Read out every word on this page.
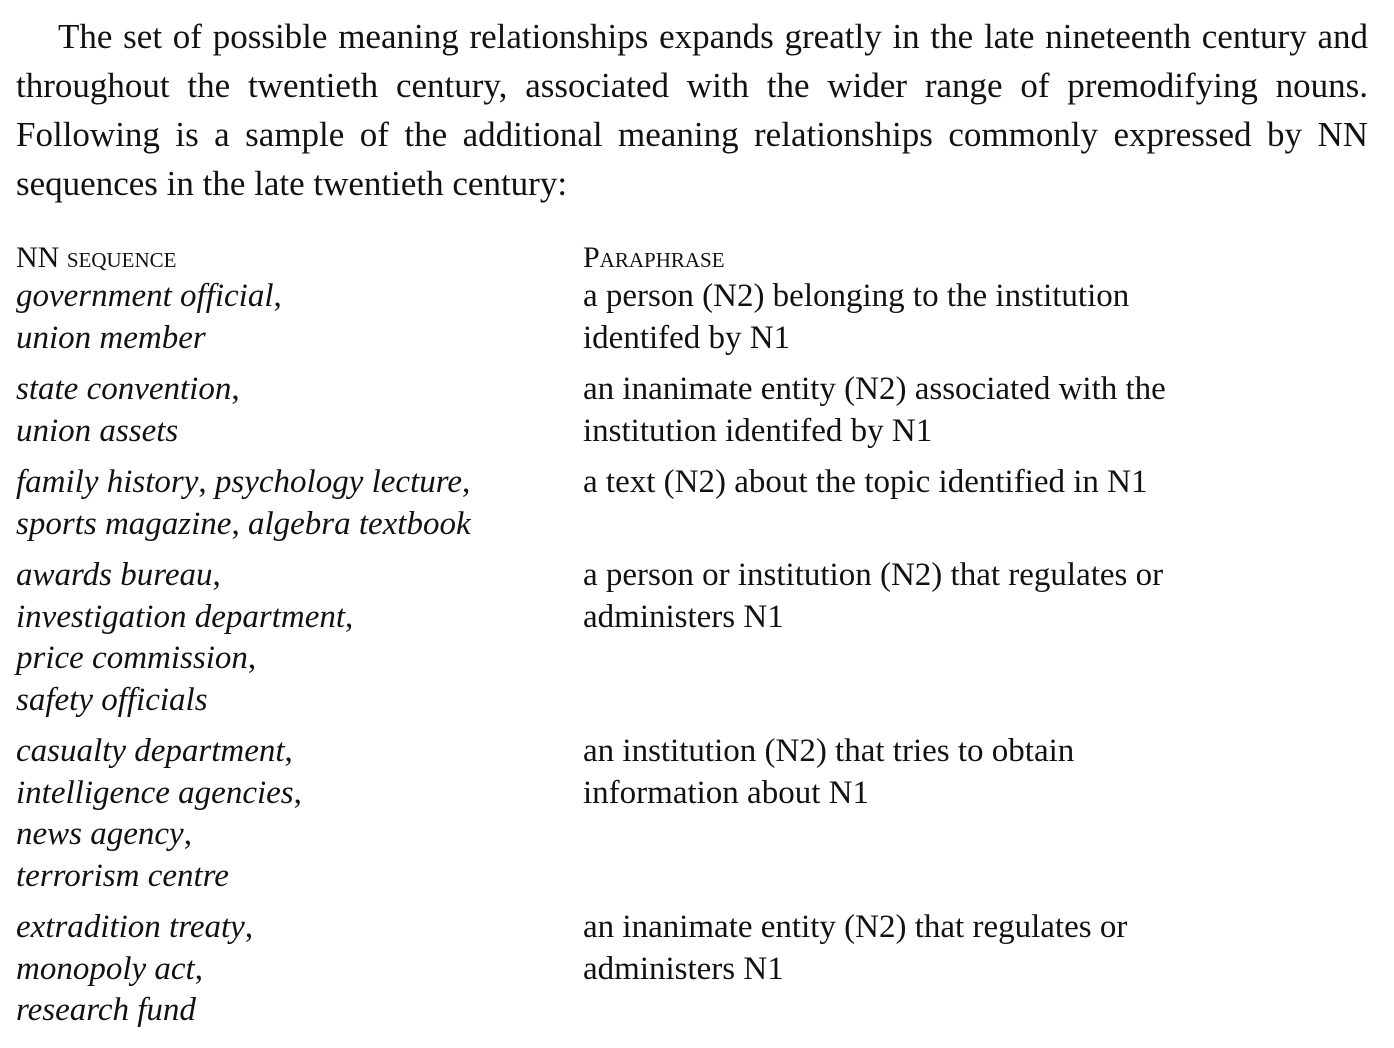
The set of possible meaning relationships expands greatly in the late nineteenth century and throughout the twentieth century, associated with the wider range of premodifying nouns. Following is a sample of the additional meaning relationships commonly expressed by NN sequences in the late twentieth century:

NN sequence	Paraphrase
government official,
union member
a person (N2) belonging to the institution
identifed by N1
state convention,
union assets
an inanimate entity (N2) associated with the
institution identifed by N1
family history, psychology lecture,
sports magazine, algebra textbook
a text (N2) about the topic identified in N1
awards bureau,
investigation department,
price commission,
safety officials
a person or institution (N2) that regulates or
administers N1
casualty department,
intelligence agencies,
news agency,
terrorism centre
an institution (N2) that tries to obtain
information about N1
extradition treaty,
monopoly act,
research fund
an inanimate entity (N2) that regulates or
administers N1
